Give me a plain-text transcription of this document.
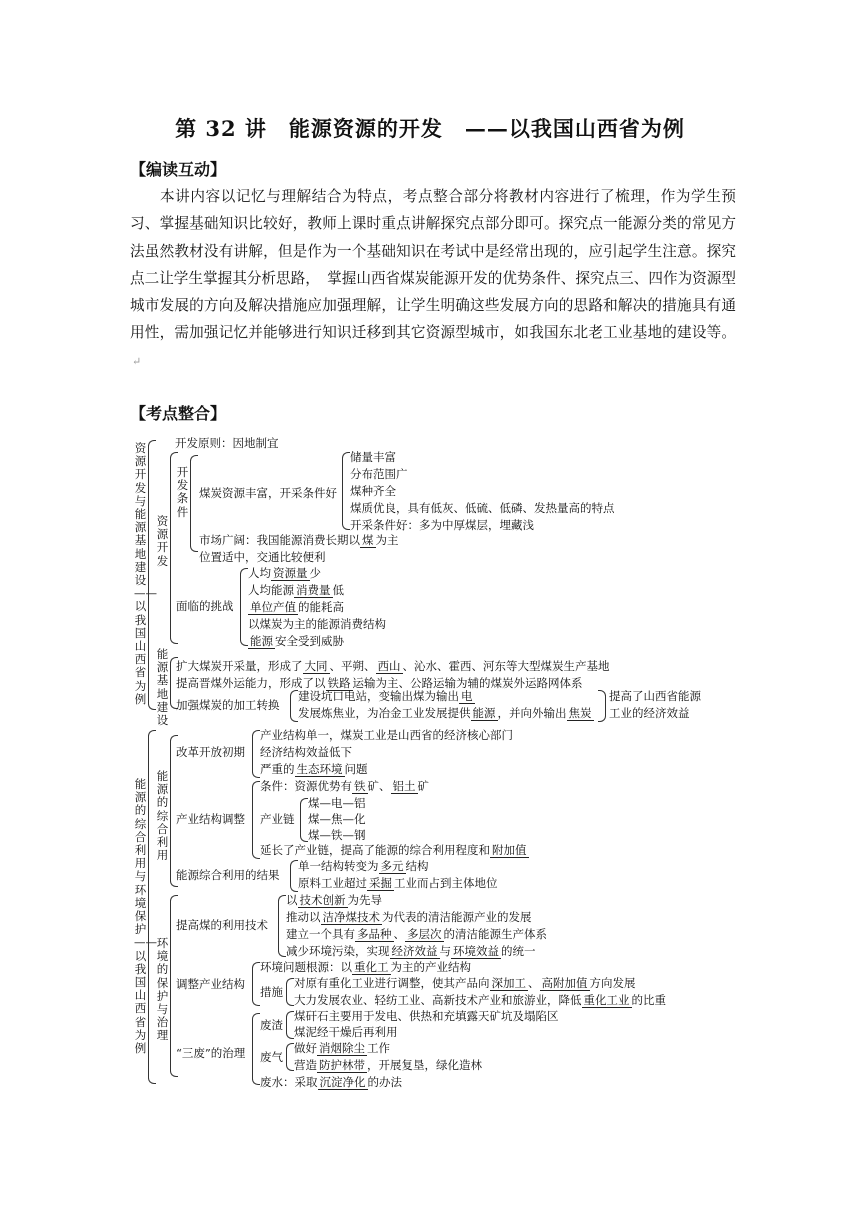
第 32 讲　能源资源的开发　——以我国山西省为例
【编读互动】

本讲内容以记忆与理解结合为特点，考点整合部分将教材内容进行了梳理，作为学生预习、掌握基础知识比较好，教师上课时重点讲解探究点部分即可。探究点一能源分类的常见方法虽然教材没有讲解，但是作为一个基础知识在考试中是经常出现的，应引起学生注意。探究点二让学生掌握其分析思路，　掌握山西省煤炭能源开发的优势条件、探究点三、四作为资源型城市发展的方向及解决措施应加强理解，让学生明确这些发展方向的思路和解决的措施具有通用性，需加强记忆并能够进行知识迁移到其它资源型城市，如我国东北老工业基地的建设等。↵

【考点整合】
资源开发与能源基地建设——以我国山西省为例
开发原则：因地制宜
资源开发
开发条件
煤炭资源丰富，开采条件好
储量丰富
分布范围广
煤种齐全
煤质优良，具有低灰、低硫、低磷、发热量高的特点
开采条件好：多为中厚煤层，埋藏浅
市场广阔：我国能源消费长期以 煤 为主
位置适中，交通比较便利
面临的挑战
人均 资源量 少
人均能源 消费量 低
单位产值 的能耗高
以煤炭为主的能源消费结构
能源 安全受到威胁
能源基地建设
扩大煤炭开采量，形成了 大同 、平朔、 西山 、沁水、霍西、河东等大型煤炭生产基地
提高晋煤外运能力，形成了以 铁路 运输为主、公路运输为辅的煤炭外运路网体系
加强煤炭的加工转换
建设坑口电站，变输出煤为输出 电
发展炼焦业，为冶金工业发展提供 能源 ，并向外输出 焦炭
提高了山西省能源
工业的经济效益
能源的综合利用与环境保护——以我国山西省为例
能源的综合利用
改革开放初期
产业结构单一，煤炭工业是山西省的经济核心部门
经济结构效益低下
严重的 生态环境 问题
产业结构调整
条件：资源优势有 铁 矿、 铝土 矿
产业链
煤—电—铝
煤—焦—化
煤—铁—钢
延长了产业链，提高了能源的综合利用程度和 附加值
能源综合利用的结果
单一结构转变为 多元 结构
原料工业超过 采掘 工业而占到主体地位
环境的保护与治理
提高煤的利用技术
以 技术创新 为先导
推动以 洁净煤技术 为代表的清洁能源产业的发展
建立一个具有 多品种 、 多层次 的清洁能源生产体系
减少环境污染，实现 经济效益 与 环境效益 的统一
调整产业结构
环境问题根源：以 重化工 为主的产业结构
措施
对原有重化工业进行调整，使其产品向 深加工 、 高附加值 方向发展
大力发展农业、轻纺工业、高新技术产业和旅游业，降低 重化工业 的比重
“三废”的治理
废渣
煤矸石主要用于发电、供热和充填露天矿坑及塌陷区
煤泥经干燥后再利用
废气
做好 消烟除尘 工作
营造 防护林带 ，开展复垦，绿化造林
废水：采取 沉淀净化 的办法
